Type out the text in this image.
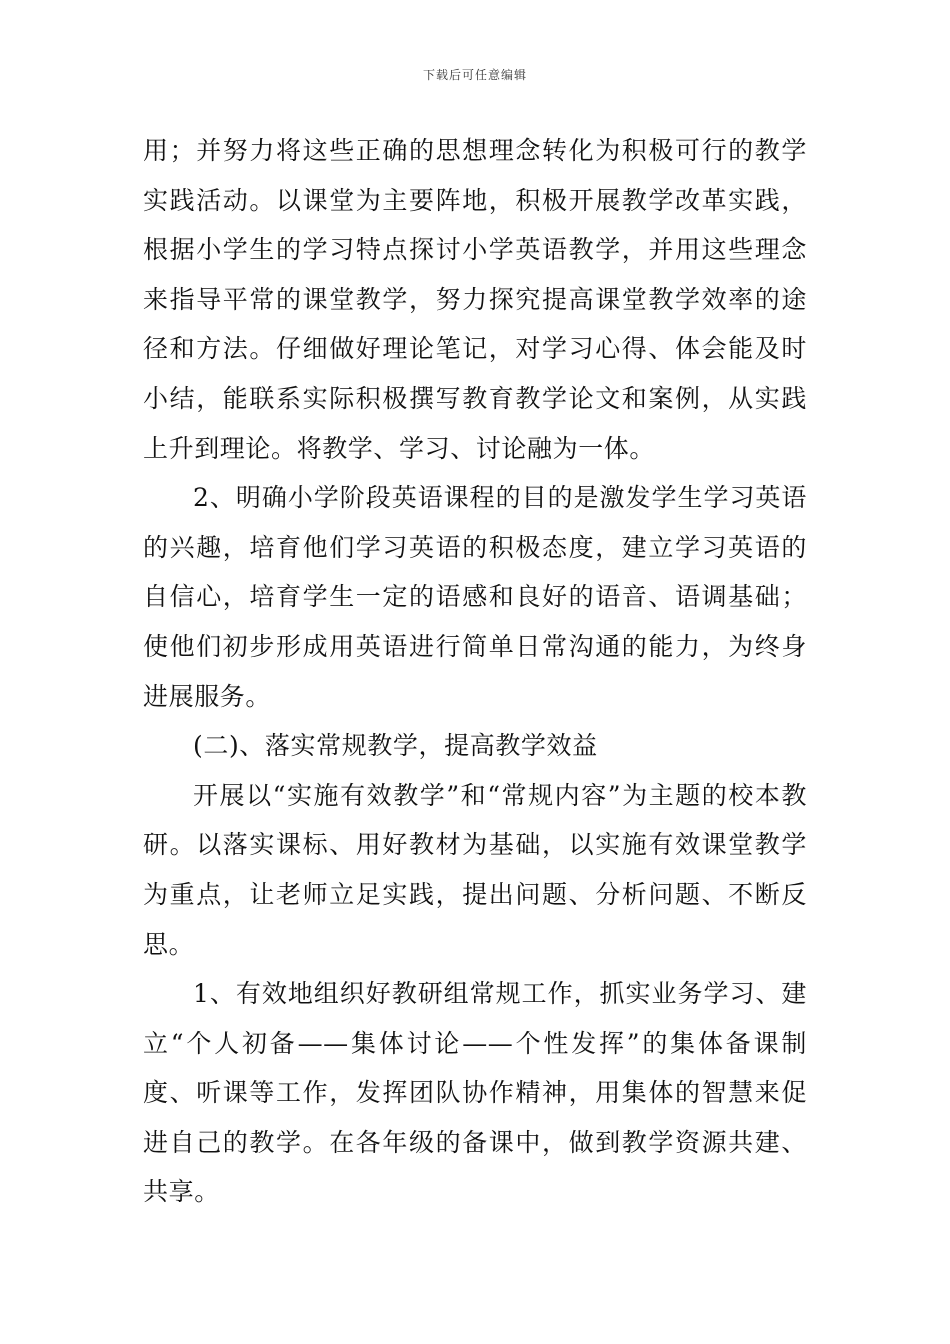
下载后可任意编辑

用；并努力将这些正确的思想理念转化为积极可行的教学实践活动。以课堂为主要阵地，积极开展教学改革实践，根据小学生的学习特点探讨小学英语教学，并用这些理念来指导平常的课堂教学，努力探究提高课堂教学效率的途径和方法。仔细做好理论笔记，对学习心得、体会能及时小结，能联系实际积极撰写教育教学论文和案例，从实践上升到理论。将教学、学习、讨论融为一体。

2、明确小学阶段英语课程的目的是激发学生学习英语的兴趣，培育他们学习英语的积极态度，建立学习英语的自信心，培育学生一定的语感和良好的语音、语调基础；使他们初步形成用英语进行简单日常沟通的能力，为终身进展服务。

(二)、落实常规教学，提高教学效益

开展以“实施有效教学”和“常规内容”为主题的校本教研。以落实课标、用好教材为基础，以实施有效课堂教学为重点，让老师立足实践，提出问题、分析问题、不断反思。

1、有效地组织好教研组常规工作，抓实业务学习、建立“个人初备——集体讨论——个性发挥”的集体备课制度、听课等工作，发挥团队协作精神，用集体的智慧来促进自己的教学。在各年级的备课中，做到教学资源共建、共享。
